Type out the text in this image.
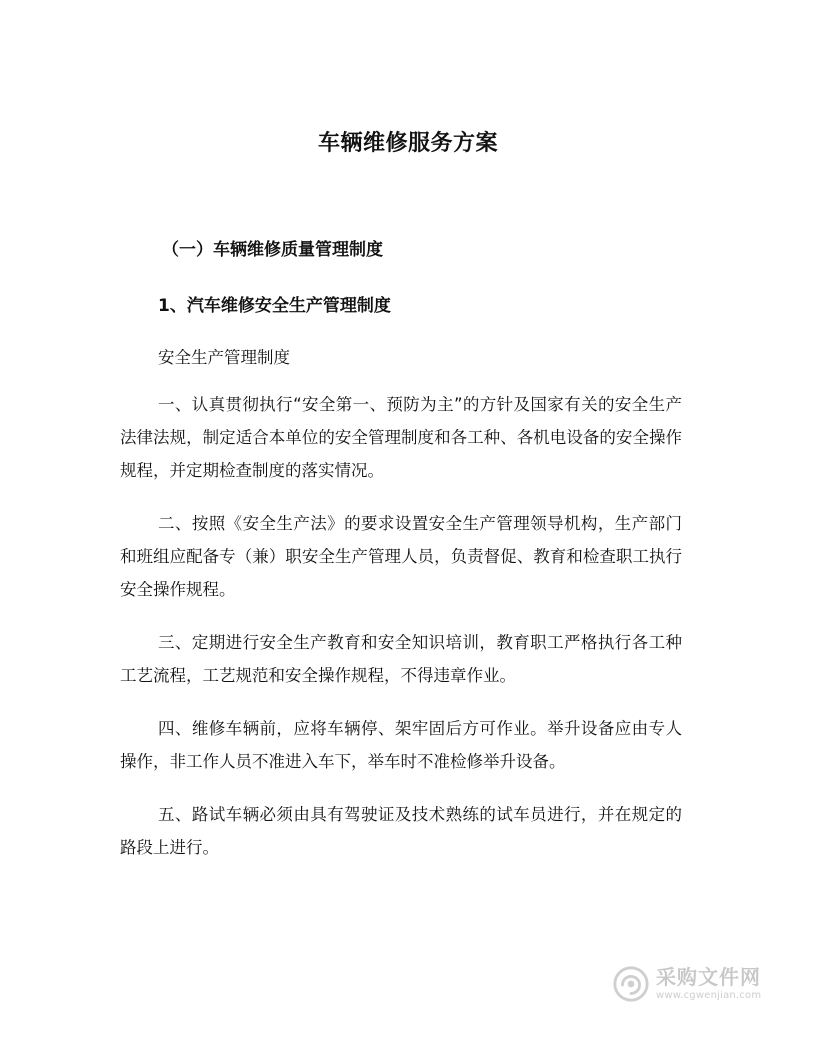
车辆维修服务方案
（一）车辆维修质量管理制度
1、汽车维修安全生产管理制度
安全生产管理制度
一、认真贯彻执行“安全第一、预防为主”的方针及国家有关的安全生产法律法规，制定适合本单位的安全管理制度和各工种、各机电设备的安全操作规程，并定期检查制度的落实情况。
二、按照《安全生产法》的要求设置安全生产管理领导机构，生产部门和班组应配备专（兼）职安全生产管理人员，负责督促、教育和检查职工执行安全操作规程。
三、定期进行安全生产教育和安全知识培训，教育职工严格执行各工种工艺流程，工艺规范和安全操作规程，不得违章作业。
四、维修车辆前，应将车辆停、架牢固后方可作业。举升设备应由专人操作，非工作人员不准进入车下，举车时不准检修举升设备。
五、路试车辆必须由具有驾驶证及技术熟练的试车员进行，并在规定的路段上进行。
采购文件网
www.cgwenjian.com
